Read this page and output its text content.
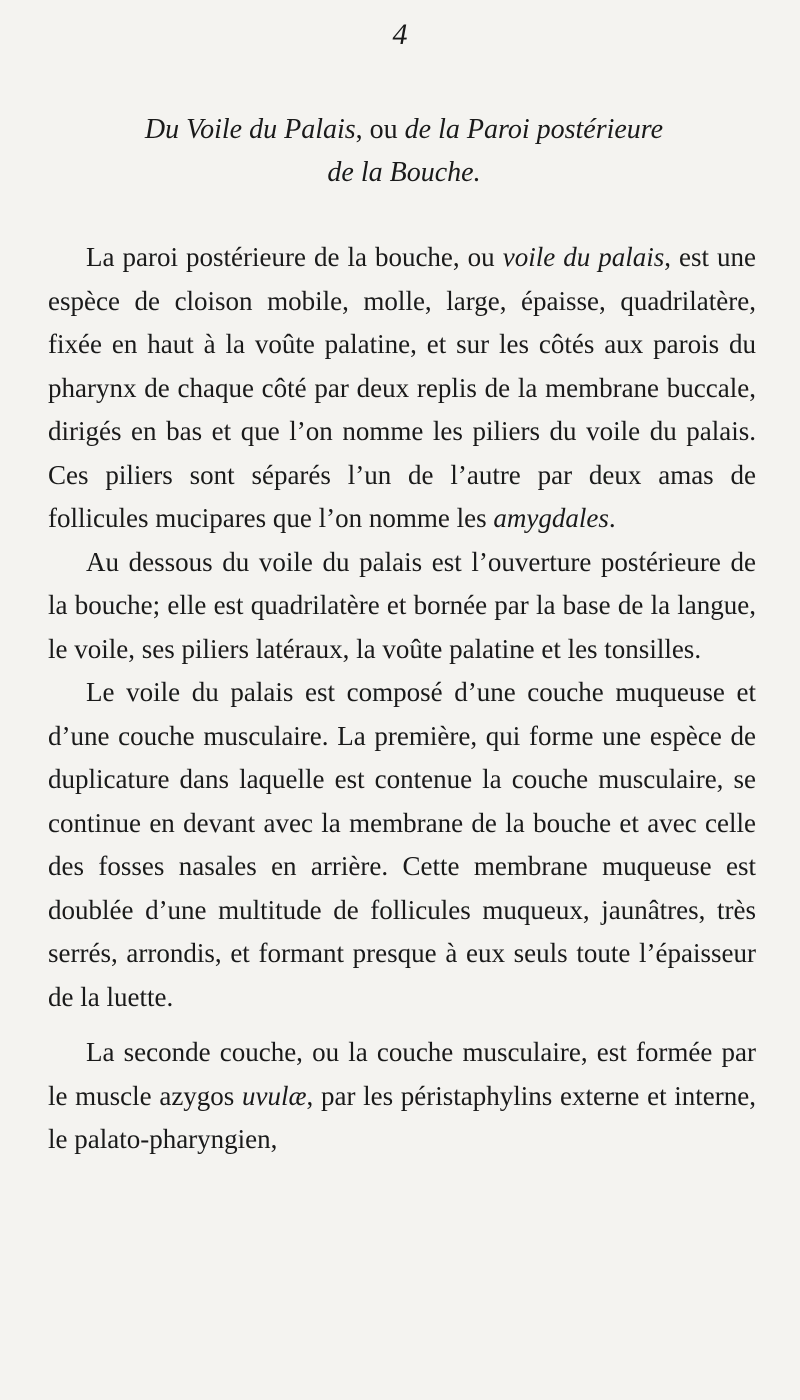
4
Du Voile du Palais, ou de la Paroi postérieure
de la Bouche.

La paroi postérieure de la bouche, ou voile du palais, est une espèce de cloison mobile, molle, large, épaisse, quadrilatère, fixée en haut à la voûte palatine, et sur les côtés aux parois du pharynx de chaque côté par deux replis de la membrane buccale, dirigés en bas et que l’on nomme les piliers du voile du palais. Ces piliers sont séparés l’un de l’autre par deux amas de follicules mucipares que l’on nomme les amygdales.

Au dessous du voile du palais est l’ouverture postérieure de la bouche; elle est quadrilatère et bornée par la base de la langue, le voile, ses piliers latéraux, la voûte palatine et les tonsilles.

Le voile du palais est composé d’une couche muqueuse et d’une couche musculaire. La première, qui forme une espèce de duplicature dans laquelle est contenue la couche musculaire, se continue en devant avec la membrane de la bouche et avec celle des fosses nasales en arrière. Cette membrane muqueuse est doublée d’une multitude de follicules muqueux, jaunâtres, très serrés, arrondis, et formant presque à eux seuls toute l’épaisseur de la luette.

La seconde couche, ou la couche musculaire, est formée par le muscle azygos uvulæ, par les péristaphylins externe et interne, le palato-pharyngien,
